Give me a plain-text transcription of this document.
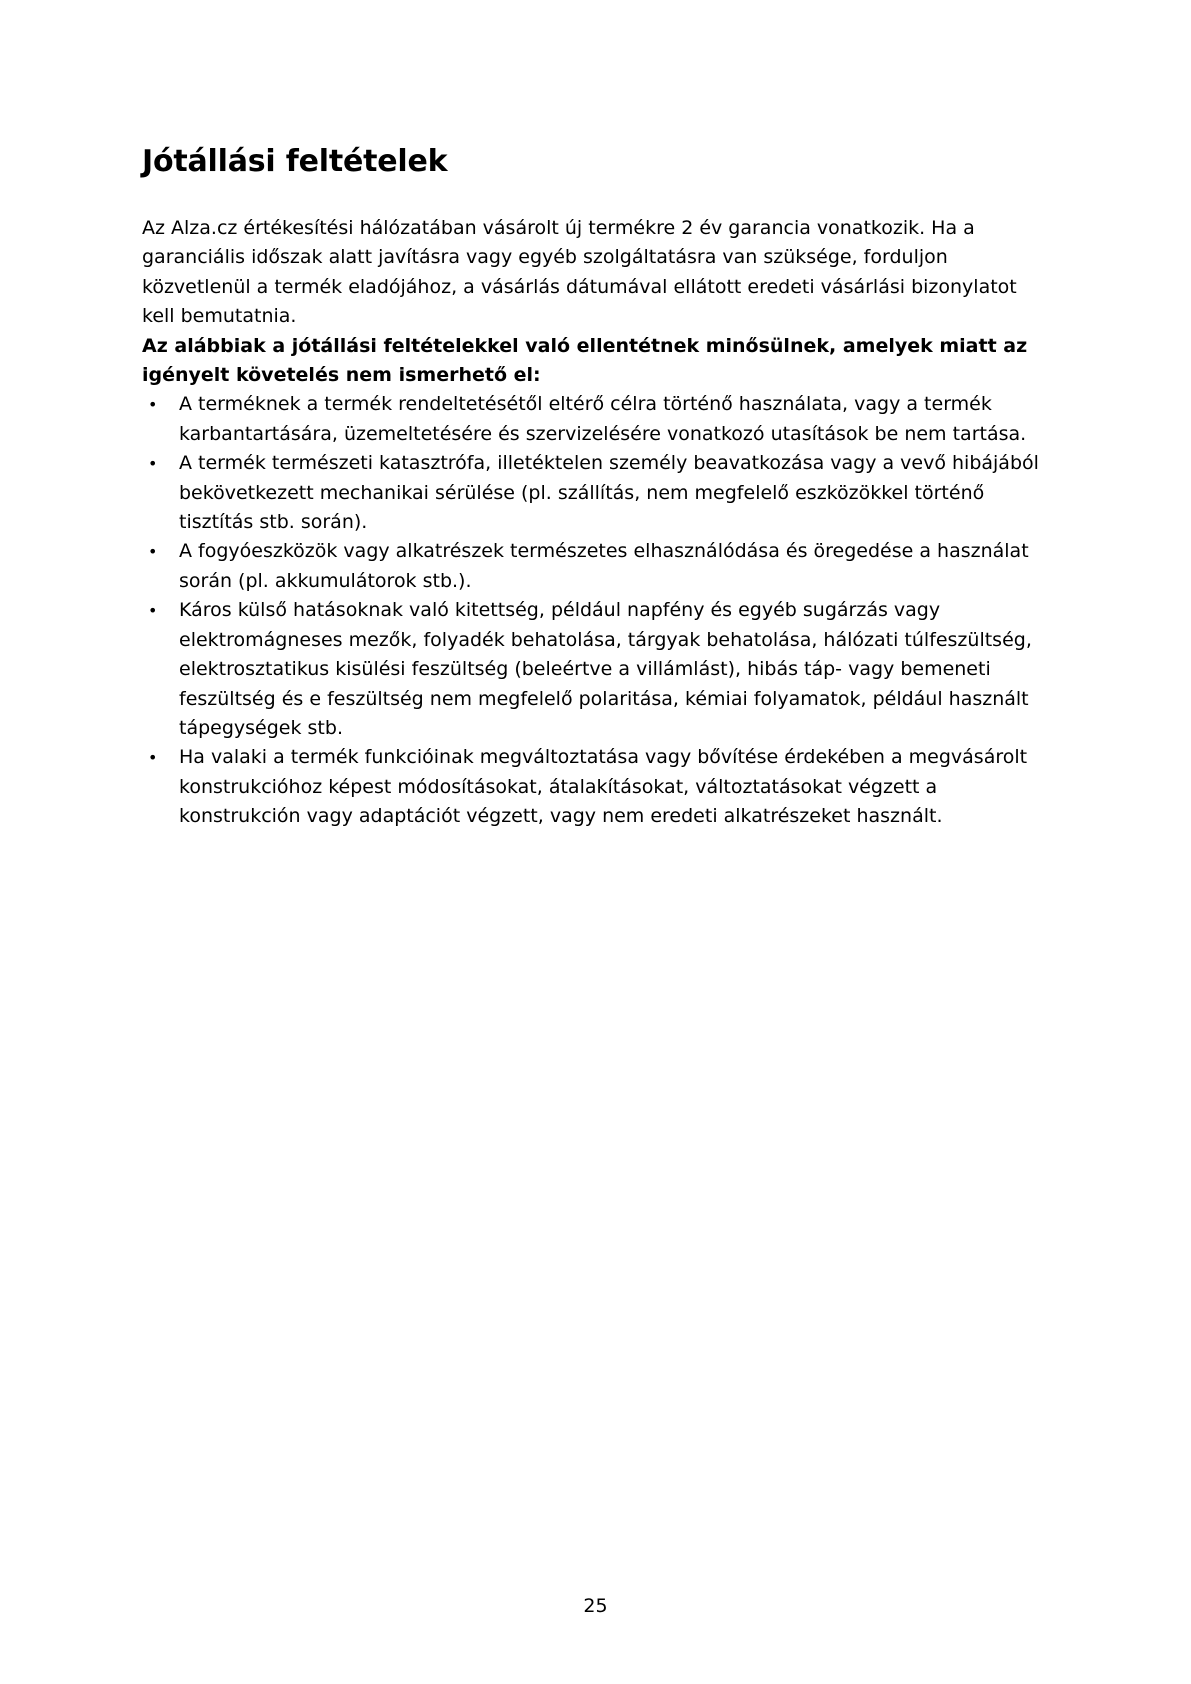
Jótállási feltételek

Az Alza.cz értékesítési hálózatában vásárolt új termékre 2 év garancia vonatkozik. Ha a garanciális időszak alatt javításra vagy egyéb szolgáltatásra van szüksége, forduljon közvetlenül a termék eladójához, a vásárlás dátumával ellátott eredeti vásárlási bizonylatot kell bemutatnia.

Az alábbiak a jótállási feltételekkel való ellentétnek minősülnek, amelyek miatt az igényelt követelés nem ismerhető el:

• A terméknek a termék rendeltetésétől eltérő célra történő használata, vagy a termék karbantartására, üzemeltetésére és szervizelésére vonatkozó utasítások be nem tartása.
• A termék természeti katasztrófa, illetéktelen személy beavatkozása vagy a vevő hibájából bekövetkezett mechanikai sérülése (pl. szállítás, nem megfelelő eszközökkel történő tisztítás stb. során).
• A fogyóeszközök vagy alkatrészek természetes elhasználódása és öregedése a használat során (pl. akkumulátorok stb.).
• Káros külső hatásoknak való kitettség, például napfény és egyéb sugárzás vagy elektromágneses mezők, folyadék behatolása, tárgyak behatolása, hálózati túlfeszültség, elektrosztatikus kisülési feszültség (beleértve a villámlást), hibás táp- vagy bemeneti feszültség és e feszültség nem megfelelő polaritása, kémiai folyamatok, például használt tápegységek stb.
• Ha valaki a termék funkcióinak megváltoztatása vagy bővítése érdekében a megvásárolt konstrukcióhoz képest módosításokat, átalakításokat, változtatásokat végzett a konstrukción vagy adaptációt végzett, vagy nem eredeti alkatrészeket használt.
25
